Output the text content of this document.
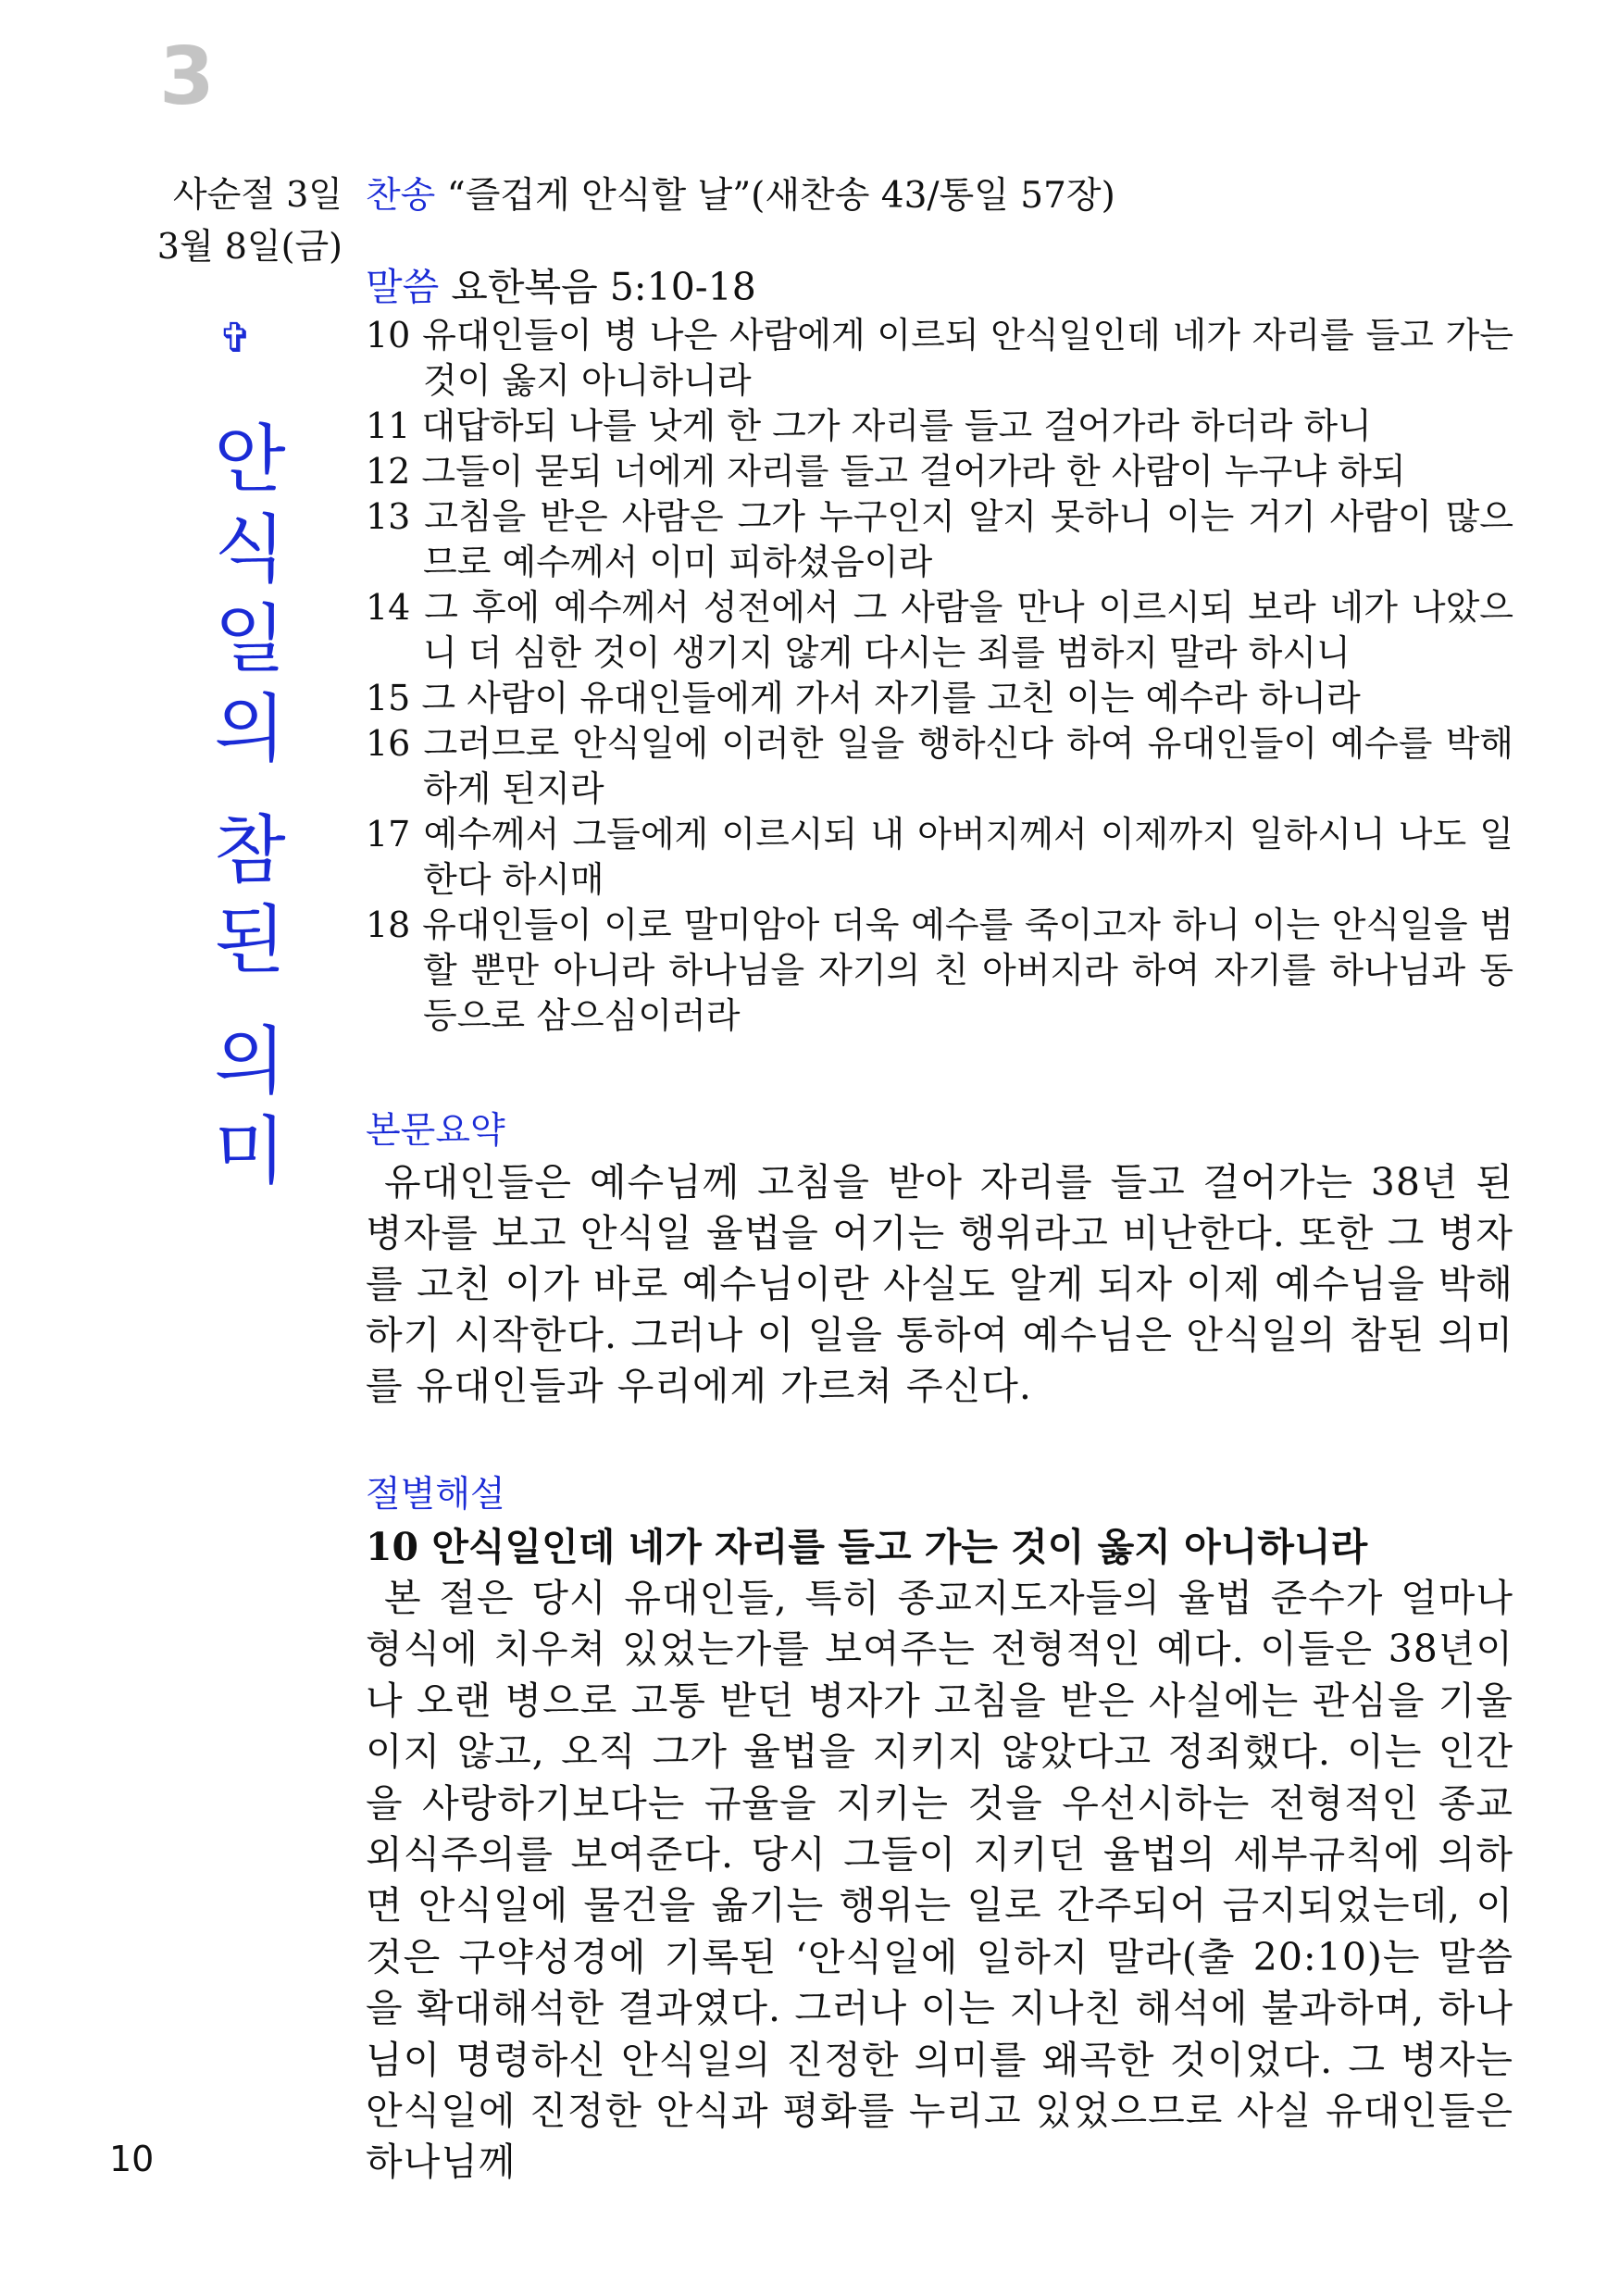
3
사순절 3일
3월 8일(금)
✞
안
식
일
의
참
된
의
미
찬송 “즐겁게 안식할 날”(새찬송 43/통일 57장)
말씀 요한복음 5:10-18
10 유대인들이 병 나은 사람에게 이르되 안식일인데 네가 자리를 들고 가는 것이 옳지 아니하니라
11 대답하되 나를 낫게 한 그가 자리를 들고 걸어가라 하더라 하니
12 그들이 묻되 너에게 자리를 들고 걸어가라 한 사람이 누구냐 하되
13 고침을 받은 사람은 그가 누구인지 알지 못하니 이는 거기 사람이 많으므로 예수께서 이미 피하셨음이라
14 그 후에 예수께서 성전에서 그 사람을 만나 이르시되 보라 네가 나았으니 더 심한 것이 생기지 않게 다시는 죄를 범하지 말라 하시니
15 그 사람이 유대인들에게 가서 자기를 고친 이는 예수라 하니라
16 그러므로 안식일에 이러한 일을 행하신다 하여 유대인들이 예수를 박해하게 된지라
17 예수께서 그들에게 이르시되 내 아버지께서 이제까지 일하시니 나도 일한다 하시매
18 유대인들이 이로 말미암아 더욱 예수를 죽이고자 하니 이는 안식일을 범할 뿐만 아니라 하나님을 자기의 친 아버지라 하여 자기를 하나님과 동등으로 삼으심이러라
본문요약
유대인들은 예수님께 고침을 받아 자리를 들고 걸어가는 38년 된 병자를 보고 안식일 율법을 어기는 행위라고 비난한다. 또한 그 병자를 고친 이가 바로 예수님이란 사실도 알게 되자 이제 예수님을 박해하기 시작한다. 그러나 이 일을 통하여 예수님은 안식일의 참된 의미를 유대인들과 우리에게 가르쳐 주신다.
절별해설
10 안식일인데 네가 자리를 들고 가는 것이 옳지 아니하니라
본 절은 당시 유대인들, 특히 종교지도자들의 율법 준수가 얼마나 형식에 치우쳐 있었는가를 보여주는 전형적인 예다. 이들은 38년이나 오랜 병으로 고통 받던 병자가 고침을 받은 사실에는 관심을 기울이지 않고, 오직 그가 율법을 지키지 않았다고 정죄했다. 이는 인간을 사랑하기보다는 규율을 지키는 것을 우선시하는 전형적인 종교 외식주의를 보여준다. 당시 그들이 지키던 율법의 세부규칙에 의하면 안식일에 물건을 옮기는 행위는 일로 간주되어 금지되었는데, 이것은 구약성경에 기록된 ‘안식일에 일하지 말라(출 20:10)는 말씀을 확대해석한 결과였다. 그러나 이는 지나친 해석에 불과하며, 하나님이 명령하신 안식일의 진정한 의미를 왜곡한 것이었다. 그 병자는 안식일에 진정한 안식과 평화를 누리고 있었으므로 사실 유대인들은 하나님께
10
